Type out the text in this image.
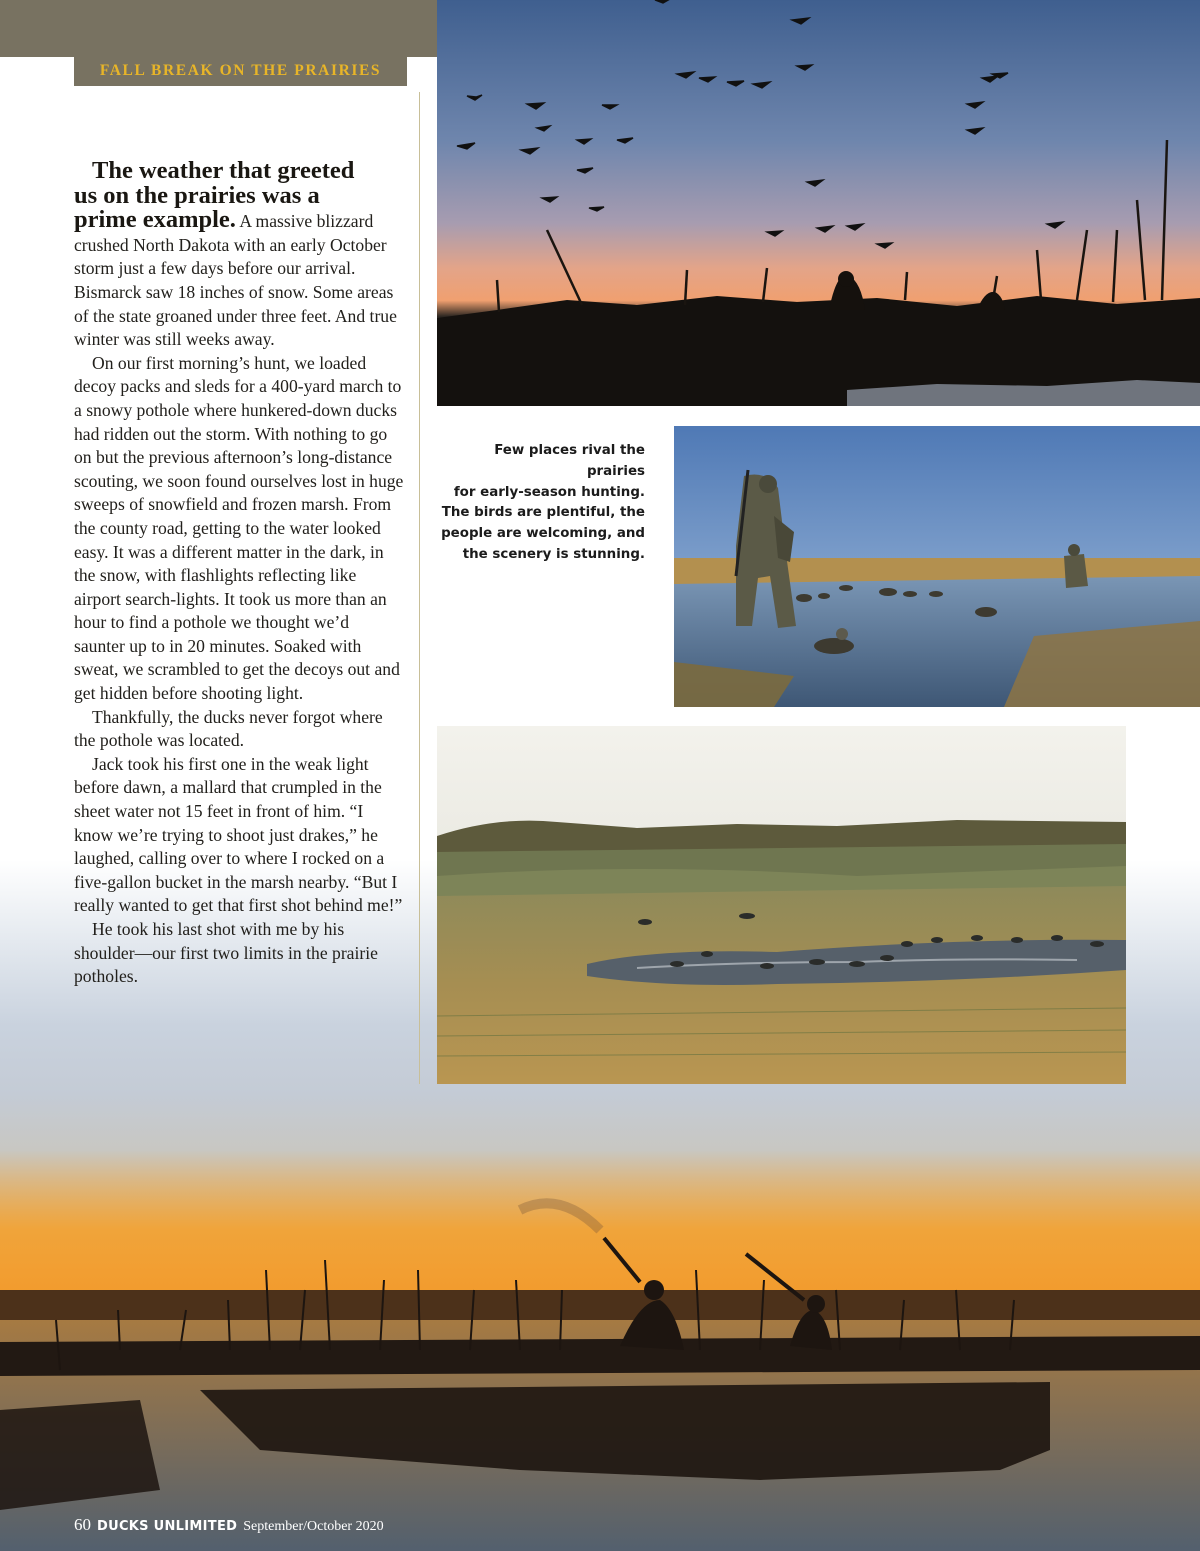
FALL BREAK ON THE PRAIRIES

The weather that greeted
us on the prairies was a
prime example. A massive blizzard crushed North Dakota with an early October storm just a few days before our arrival. Bismarck saw 18 inches of snow. Some areas of the state groaned under three feet. And true winter was still weeks away.

On our first morning’s hunt, we loaded decoy packs and sleds for a 400-yard march to a snowy pothole where hunkered-down ducks had ridden out the storm. With nothing to go on but the previous afternoon’s long-distance scouting, we soon found ourselves lost in huge sweeps of snowfield and frozen marsh. From the county road, getting to the water looked easy. It was a different matter in the dark, in the snow, with flashlights reflecting like airport search-lights. It took us more than an hour to find a pothole we thought we’d saunter up to in 20 minutes. Soaked with sweat, we scrambled to get the decoys out and get hidden before shooting light.

Thankfully, the ducks never forgot where the pothole was located.

Jack took his first one in the weak light before dawn, a mallard that crumpled in the sheet water not 15 feet in front of him. “I know we’re trying to shoot just drakes,” he laughed, calling over to where I rocked on a five-gallon bucket in the marsh nearby. “But I really wanted to get that first shot behind me!”

He took his last shot with me by his shoulder—our first two limits in the prairie potholes.

Few places rival the prairies
for early-season hunting.
The birds are plentiful, the
people are welcoming, and
the scenery is stunning.
60 DUCKS UNLIMITED September/October 2020
